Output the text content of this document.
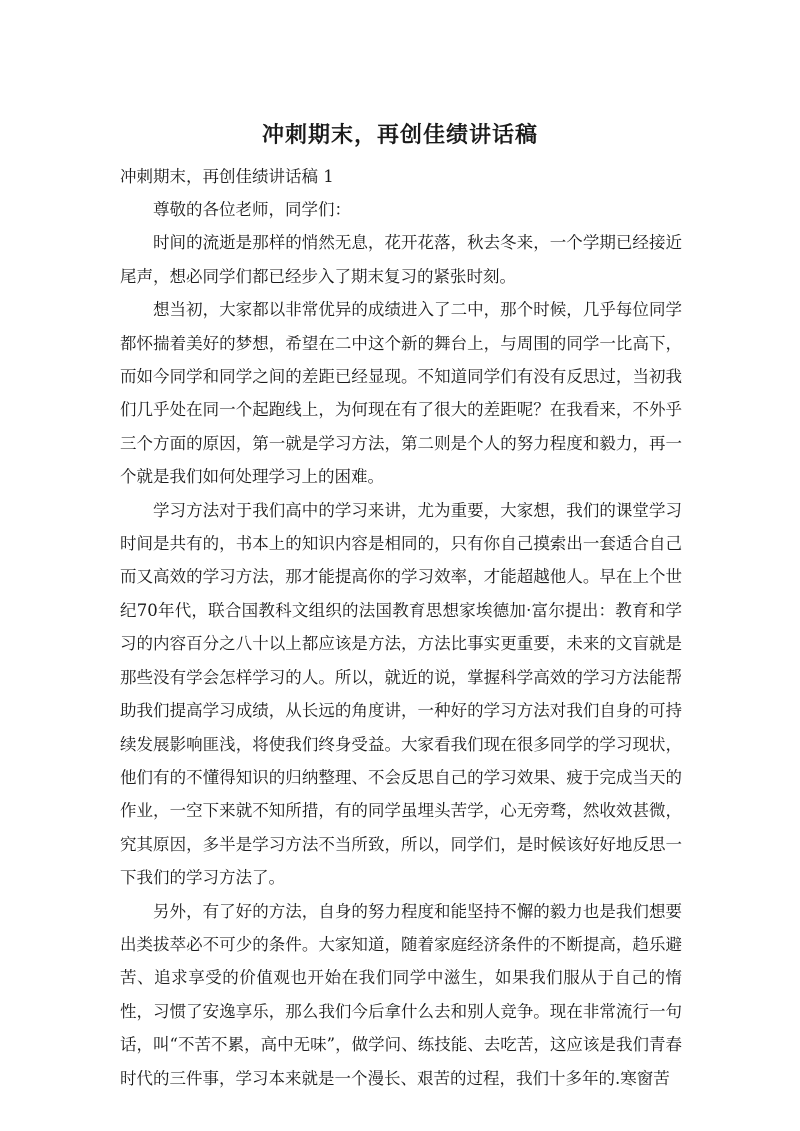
冲刺期末，再创佳绩讲话稿

冲刺期末，再创佳绩讲话稿 1

尊敬的各位老师，同学们：

时间的流逝是那样的悄然无息，花开花落，秋去冬来，一个学期已经接近尾声，想必同学们都已经步入了期末复习的紧张时刻。

想当初，大家都以非常优异的成绩进入了二中，那个时候，几乎每位同学都怀揣着美好的梦想，希望在二中这个新的舞台上，与周围的同学一比高下，而如今同学和同学之间的差距已经显现。不知道同学们有没有反思过，当初我们几乎处在同一个起跑线上，为何现在有了很大的差距呢？在我看来，不外乎三个方面的原因，第一就是学习方法，第二则是个人的努力程度和毅力，再一个就是我们如何处理学习上的困难。

学习方法对于我们高中的学习来讲，尤为重要，大家想，我们的课堂学习时间是共有的，书本上的知识内容是相同的，只有你自己摸索出一套适合自己而又高效的学习方法，那才能提高你的学习效率，才能超越他人。早在上个世纪70年代，联合国教科文组织的法国教育思想家埃德加·富尔提出：教育和学习的内容百分之八十以上都应该是方法，方法比事实更重要，未来的文盲就是那些没有学会怎样学习的人。所以，就近的说，掌握科学高效的学习方法能帮助我们提高学习成绩，从长远的角度讲，一种好的学习方法对我们自身的可持续发展影响匪浅，将使我们终身受益。大家看我们现在很多同学的学习现状，他们有的不懂得知识的归纳整理、不会反思自己的学习效果、疲于完成当天的作业，一空下来就不知所措，有的同学虽埋头苦学，心无旁骛，然收效甚微，究其原因，多半是学习方法不当所致，所以，同学们，是时候该好好地反思一下我们的学习方法了。

另外，有了好的方法，自身的努力程度和能坚持不懈的毅力也是我们想要出类拔萃必不可少的条件。大家知道，随着家庭经济条件的不断提高，趋乐避苦、追求享受的价值观也开始在我们同学中滋生，如果我们服从于自己的惰性，习惯了安逸享乐，那么我们今后拿什么去和别人竞争。现在非常流行一句话，叫“不苦不累，高中无味”，做学问、练技能、去吃苦，这应该是我们青春时代的三件事，学习本来就是一个漫长、艰苦的过程，我们十多年的.寒窗苦
